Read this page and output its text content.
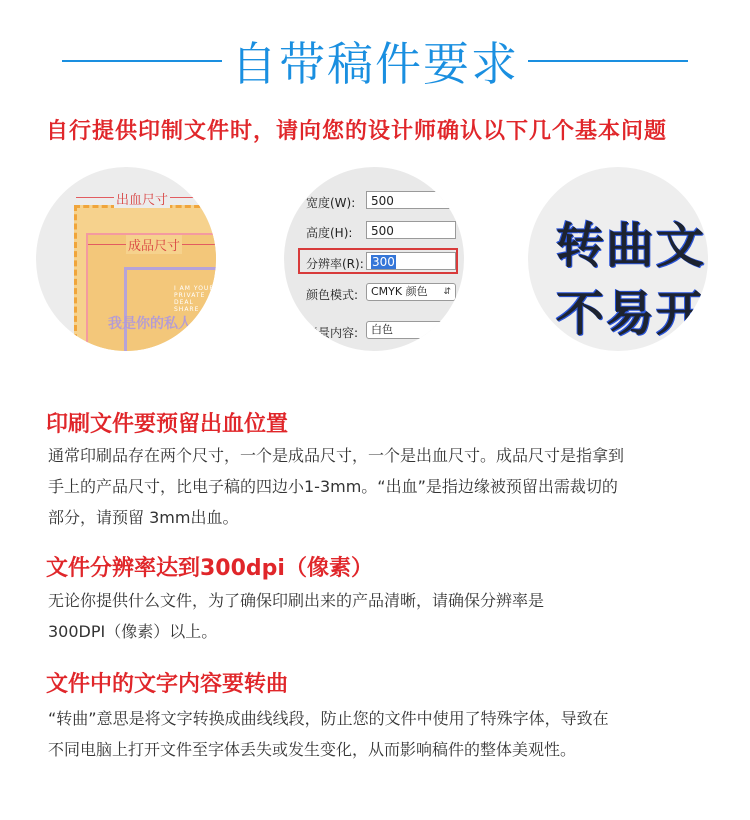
自带稿件要求
自行提供印制文件时，请向您的设计师确认以下几个基本问题
出血尺寸
成品尺寸
I AM YOUR PRIVATE DEAL SHARE
我是你的私人
宽度(W):	500
高度(H):	500
分辨率(R): 300
颜色模式:	CMYK 颜色 ⇵
背景内容:	白色
转曲文
不易开
印刷文件要预留出血位置
通常印刷品存在两个尺寸，一个是成品尺寸，一个是出血尺寸。成品尺寸是指拿到
手上的产品尺寸，比电子稿的四边小1-3mm。“出血”是指边缘被预留出需裁切的
部分，请预留 3mm出血。
文件分辨率达到300dpi（像素）
无论你提供什么文件，为了确保印刷出来的产品清晰，请确保分辨率是
300DPI（像素）以上。
文件中的文字内容要转曲
“转曲”意思是将文字转换成曲线线段，防止您的文件中使用了特殊字体，导致在
不同电脑上打开文件至字体丢失或发生变化，从而影响稿件的整体美观性。
